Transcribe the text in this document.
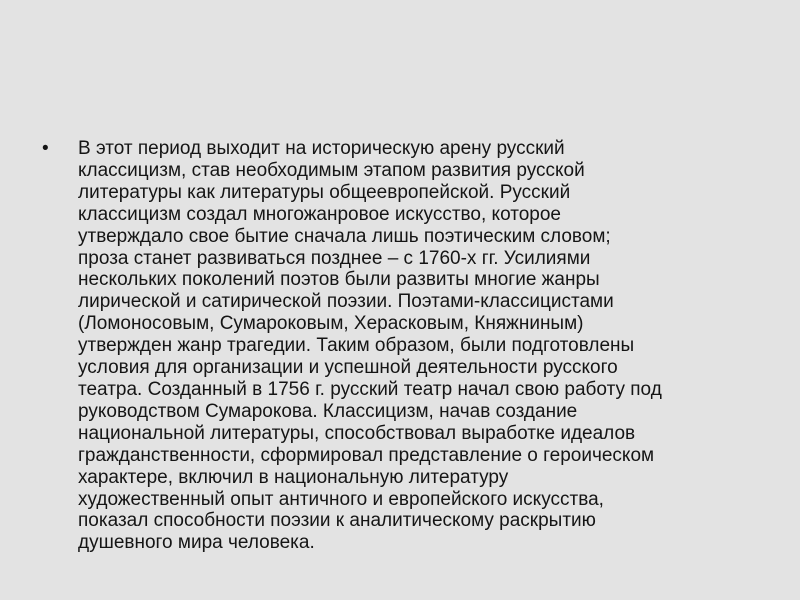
• В этот период выходит на историческую арену русский
классицизм, став необходимым этапом развития русской
литературы как литературы общеевропейской. Русский
классицизм создал многожанровое искусство, которое
утверждало свое бытие сначала лишь поэтическим словом;
проза станет развиваться позднее – с 1760-х гг. Усилиями
нескольких поколений поэтов были развиты многие жанры
лирической и сатирической поэзии. Поэтами-классицистами
(Ломоносовым, Сумароковым, Херасковым, Княжниным)
утвержден жанр трагедии. Таким образом, были подготовлены
условия для организации и успешной деятельности русского
театра. Созданный в 1756 г. русский театр начал свою работу под
руководством Сумарокова. Классицизм, начав создание
национальной литературы, способствовал выработке идеалов
гражданственности, сформировал представление о героическом
характере, включил в национальную литературу
художественный опыт античного и европейского искусства,
показал способности поэзии к аналитическому раскрытию
душевного мира человека.
